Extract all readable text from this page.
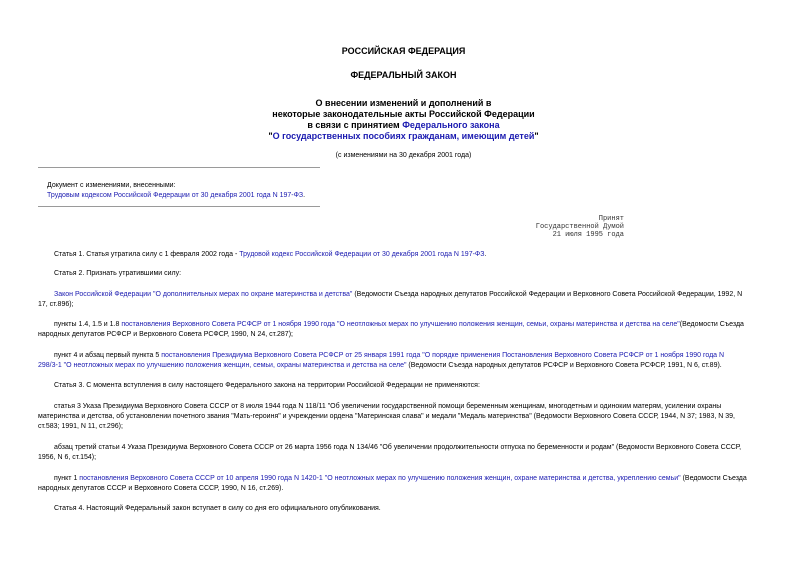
РОССИЙСКАЯ ФЕДЕРАЦИЯ
ФЕДЕРАЛЬНЫЙ ЗАКОН
О внесении изменений и дополнений в
некоторые законодательные акты Российской Федерации
в связи с принятием Федерального закона
"О государственных пособиях гражданам, имеющим детей"
(с изменениями на 30 декабря 2001 года)
Документ с изменениями, внесенными:
Трудовым кодексом Российской Федерации от 30 декабря 2001 года N 197-ФЗ.
Принят
Государственной Думой
21 июля 1995 года
Статья 1. Статья утратила силу с 1 февраля 2002 года - Трудовой кодекс Российской Федерации от 30 декабря 2001 года N 197-ФЗ.
Статья 2. Признать утратившими силу:
Закон Российской Федерации "О дополнительных мерах по охране материнства и детства" (Ведомости Съезда народных депутатов Российской Федерации и Верховного Совета Российской Федерации, 1992, N
17, ст.896);
пункты 1.4, 1.5 и 1.8 постановления Верховного Совета РСФСР от 1 ноября 1990 года "О неотложных мерах по улучшению положения женщин, семьи, охраны материнства и детства на селе"(Ведомости Съезда
народных депутатов РСФСР и Верховного Совета РСФСР, 1990, N 24, ст.287);
пункт 4 и абзац первый пункта 5 постановления Президиума Верховного Совета РСФСР от 25 января 1991 года "О порядке применения Постановления Верховного Совета РСФСР от 1 ноября 1990 года N
298/3-1 "О неотложных мерах по улучшению положения женщин, семьи, охраны материнства и детства на селе" (Ведомости Съезда народных депутатов РСФСР и Верховного Совета РСФСР, 1991, N 6, ст.89).
Статья 3. С момента вступления в силу настоящего Федерального закона на территории Российской Федерации не применяются:
статья 3 Указа Президиума Верховного Совета СССР от 8 июля 1944 года N 118/11 "Об увеличении государственной помощи беременным женщинам, многодетным и одиноким матерям, усилении охраны
материнства и детства, об установлении почетного звания "Мать-героиня" и учреждении ордена "Материнская слава" и медали "Медаль материнства" (Ведомости Верховного Совета СССР, 1944, N 37; 1983, N 39,
ст.583; 1991, N 11, ст.296);
абзац третий статьи 4 Указа Президиума Верховного Совета СССР от 26 марта 1956 года N 134/46 "Об увеличении продолжительности отпуска по беременности и родам" (Ведомости Верховного Совета СССР,
1956, N 6, ст.154);
пункт 1 постановления Верховного Совета СССР от 10 апреля 1990 года N 1420-1 "О неотложных мерах по улучшению положения женщин, охране материнства и детства, укреплению семьи" (Ведомости Съезда
народных депутатов СССР и Верховного Совета СССР, 1990, N 16, ст.269).
Статья 4. Настоящий Федеральный закон вступает в силу со дня его официального опубликования.
